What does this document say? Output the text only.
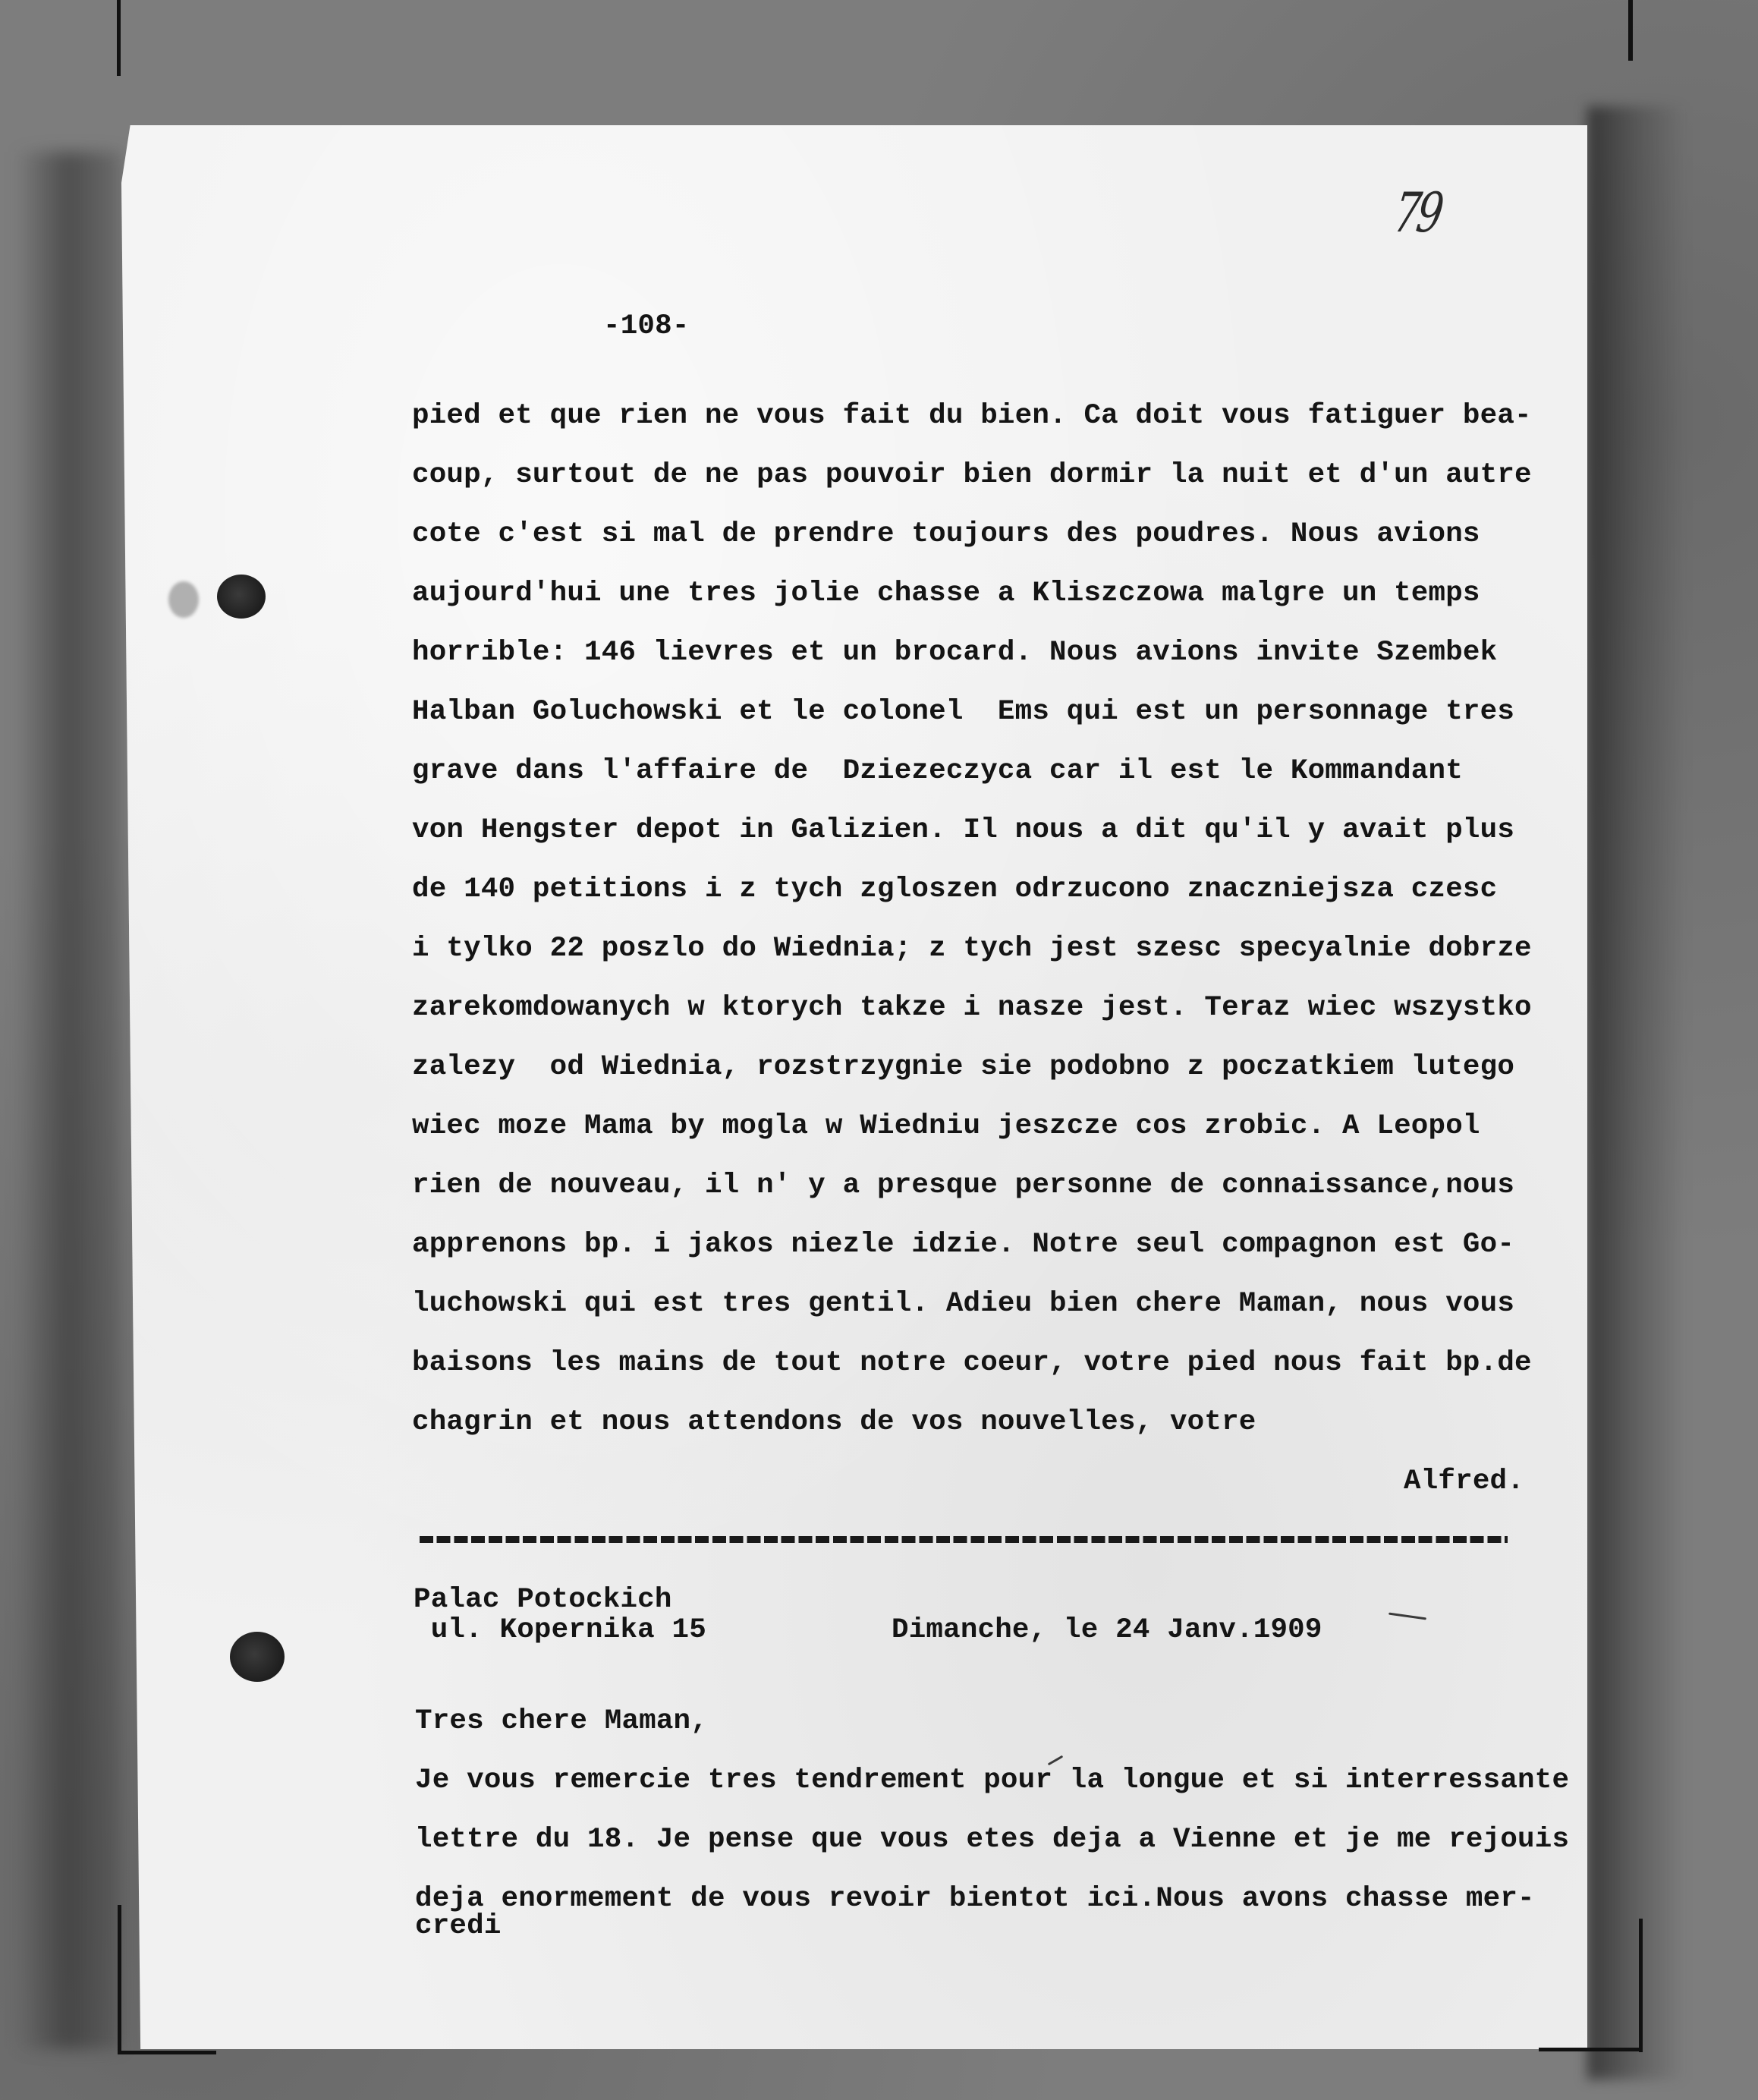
79
-108-
pied et que rien ne vous fait du bien. Ca doit vous fatiguer bea-
coup, surtout de ne pas pouvoir bien dormir la nuit et d'un autre
cote c'est si mal de prendre toujours des poudres. Nous avions
aujourd'hui une tres jolie chasse a Kliszczowa malgre un temps
horrible: 146 lievres et un brocard. Nous avions invite Szembek
Halban Goluchowski et le colonel  Ems qui est un personnage tres
grave dans l'affaire de  Dziezeczyca car il est le Kommandant
von Hengster depot in Galizien. Il nous a dit qu'il y avait plus
de 140 petitions i z tych zgloszen odrzucono znaczniejsza czesc
i tylko 22 poszlo do Wiednia; z tych jest szesc specyalnie dobrze
zarekomdowanych w ktorych takze i nasze jest. Teraz wiec wszystko
zalezy  od Wiednia, rozstrzygnie sie podobno z poczatkiem lutego
wiec moze Mama by mogla w Wiedniu jeszcze cos zrobic. A Leopol
rien de nouveau, il n' y a presque personne de connaissance,nous
apprenons bp. i jakos niezle idzie. Notre seul compagnon est Go-
luchowski qui est tres gentil. Adieu bien chere Maman, nous vous
baisons les mains de tout notre coeur, votre pied nous fait bp.de
chagrin et nous attendons de vos nouvelles, votre
Alfred.
Palac Potockich
ul. Kopernika 15	Dimanche, le 24 Janv.1909
Tres chere Maman,
Je vous remercie tres tendrement pour la longue et si interressante
lettre du 18. Je pense que vous etes deja a Vienne et je me rejouis
deja enormement de vous revoir bientot ici.Nous avons chasse mer-
credi
